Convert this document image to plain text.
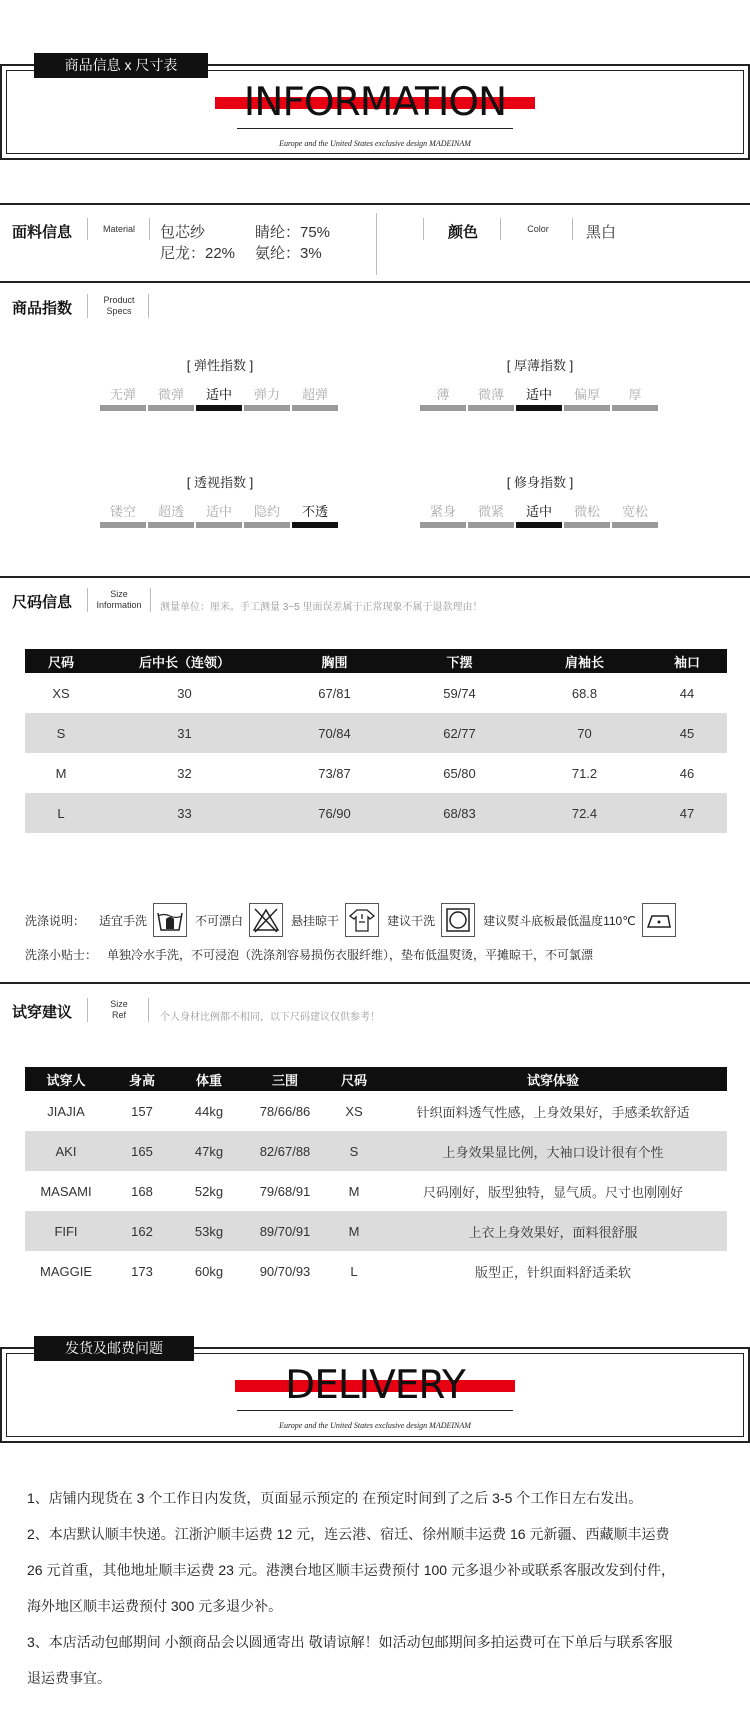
商品信息 x 尺寸表
INFORMATION
Europe and the United States exclusive design MADEINAM
面料信息	Material	包芯纱	睛纶：75%
尼龙：22% 氨纶：3%
颜色	Color	黑白
商品指数	Product
Specs
[ 弹性指数 ]
无弹	微弹	适中	弹力	超弹
[ 厚薄指数 ]
薄	微薄	适中	偏厚	厚
[ 透视指数 ]
镂空	超透	适中	隐约	不透
[ 修身指数 ]
紧身	微紧	适中	微松	宽松
尺码信息	Size
Information	测量单位：厘米。手工测量 3~5 里面误差属于正常现象不属于退款理由！
尺码	后中长（连领）	胸围	下摆	肩袖长	袖口
XS	30	67/81	59/74	68.8	44
S	31	70/84	62/77	70	45
M	32	73/87	65/80	71.2	46
L	33	76/90	68/83	72.4	47
洗涤说明： 适宜手洗	不可漂白	悬挂晾干	建议干洗	建议熨斗底板最低温度110℃
洗涤小贴士： 单独冷水手洗，不可浸泡（洗涤剂容易损伤衣服纤维），垫布低温熨烫，平摊晾干，不可氯漂
试穿建议	Size
Ref	个人身材比例都不相同，以下尺码建议仅供参考！
试穿人	身高	体重	三围	尺码	试穿体验
JIAJIA	157	44kg	78/66/86	XS	针织面料透气性感，上身效果好，手感柔软舒适
AKI	165	47kg	82/67/88	S	上身效果显比例，大袖口设计很有个性
MASAMI	168	52kg	79/68/91	M	尺码刚好，版型独特，显气质。尺寸也刚刚好
FIFI	162	53kg	89/70/91	M	上衣上身效果好，面料很舒服
MAGGIE	173	60kg	90/70/93	L	版型正，针织面料舒适柔软
发货及邮费问题
DELIVERY
Europe and the United States exclusive design MADEINAM
1、店铺内现货在 3 个工作日内发货，页面显示预定的 在预定时间到了之后 3-5 个工作日左右发出。
2、本店默认顺丰快递。江浙沪顺丰运费 12 元，连云港、宿迁、徐州顺丰运费 16 元新疆、西藏顺丰运费
26 元首重，其他地址顺丰运费 23 元。港澳台地区顺丰运费预付 100 元多退少补或联系客服改发到付件，
海外地区顺丰运费预付 300 元多退少补。
3、本店活动包邮期间 小额商品会以圆通寄出 敬请谅解！如活动包邮期间多拍运费可在下单后与联系客服
退运费事宜。
